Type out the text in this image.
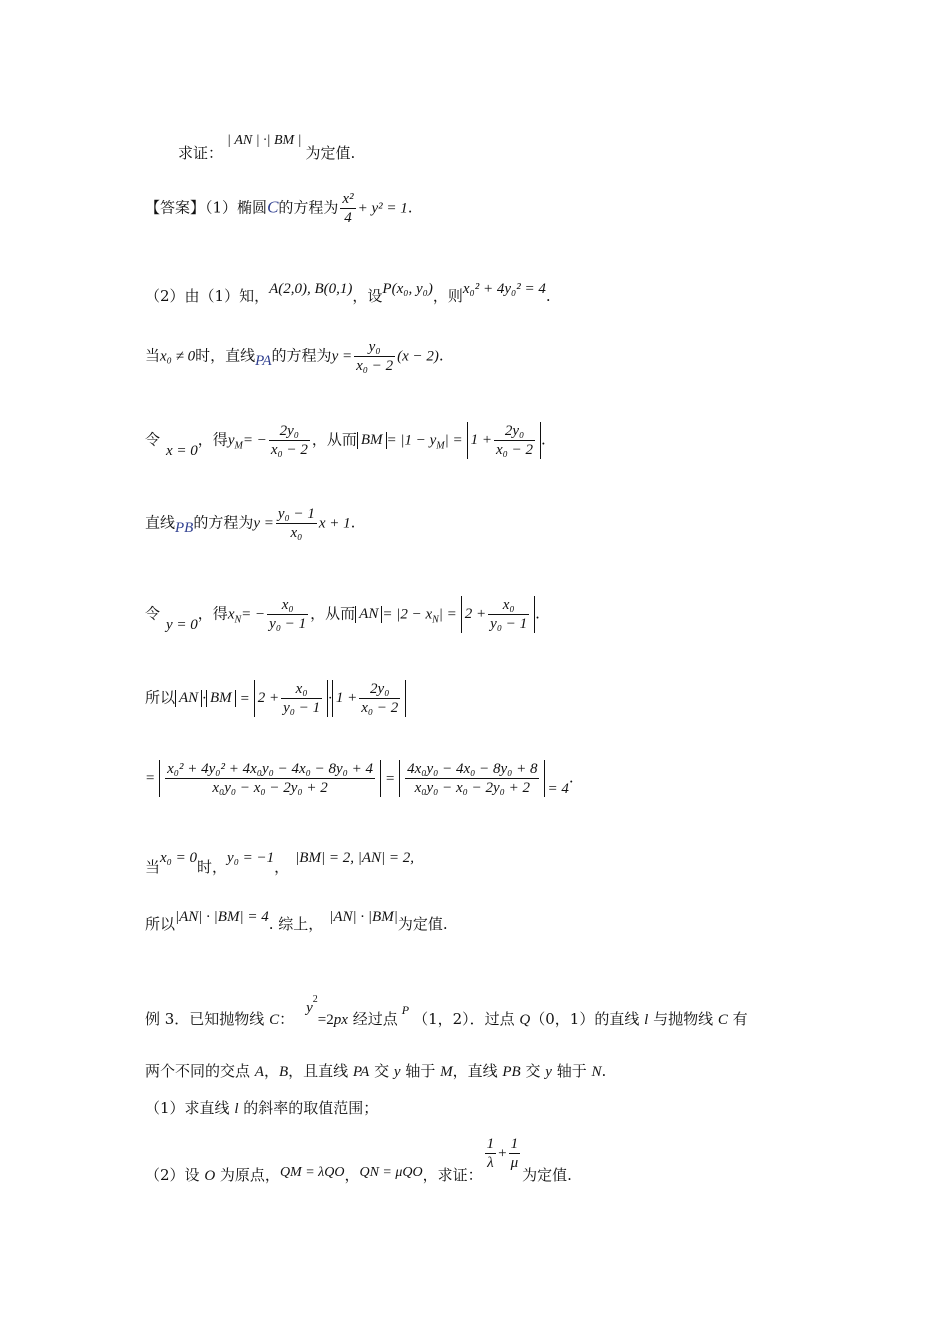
求证：| AN | ·| BM |为定值.
【答案】（1）椭圆C的方程为 $\frac{\text{x²}}{4} + y^2 = 1$.
（2）由（1）知，A(2,0), B(0,1)，设P(x₀, y₀)，则x₀² + 4y₀² = 4.
当x₀ ≠ 0时，直线PA的方程为$y = \frac{\text{y₀}}{\text{x₀ − 2}} (x - 2)$.
令x = 0，得$y_M= - \frac{\text{2y₀}}{\text{x₀ − 2}}$ ，从而 BM = $|1 - y_M| = 1 + \frac{\text{2y₀}}{\text{x₀ − 2}}$ .
直线PB的方程为$y = \frac{\text{y₀ − 1}}{\text{x₀}}$ x + 1.
令y = 0，得$x_N= - \frac{\text{x₀}}{\text{y₀ − 1}}$ ，从而 AN = $|2 - x_N| = 2 + \frac{\text{x₀}}{\text{y₀ − 1}}$ .
所以 AN · BM = $2 + \frac{\text{x₀}}{\text{y₀ − 1}} \cdot 1 + \frac{\text{2y₀}}{\text{x₀ − 2}}$
= $\frac{\text{x₀² + 4y₀² + 4x₀y₀ − 4x₀ − 8y₀ + 4}}{\text{x₀y₀ − x₀ − 2y₀ + 2}} = \frac{\text{4x₀y₀ − 4x₀ − 8y₀ + 8}}{\text{x₀y₀ − x₀ − 2y₀ + 2}} = 4$.
当x₀ = 0时，y₀ = −1， |BM| = 2, |AN| = 2,
所以|AN| · |BM| = 4. 综上， |AN| · |BM|为定值.
例 3．已知抛物线 C：$y^2=2px$ 经过点 $^P$ （1，2）．过点 Q（0，1）的直线 l 与抛物线 C 有
两个不同的交点 A，B，且直线 PA 交 y 轴于 M，直线 PB 交 y 轴于 N.
（1）求直线 l 的斜率的取值范围；
（2）设 O 为原点，QM = λQO，QN = μQO，求证：
$\frac{1}{\lambda} + \frac{1}{\mu}$
为定值.
